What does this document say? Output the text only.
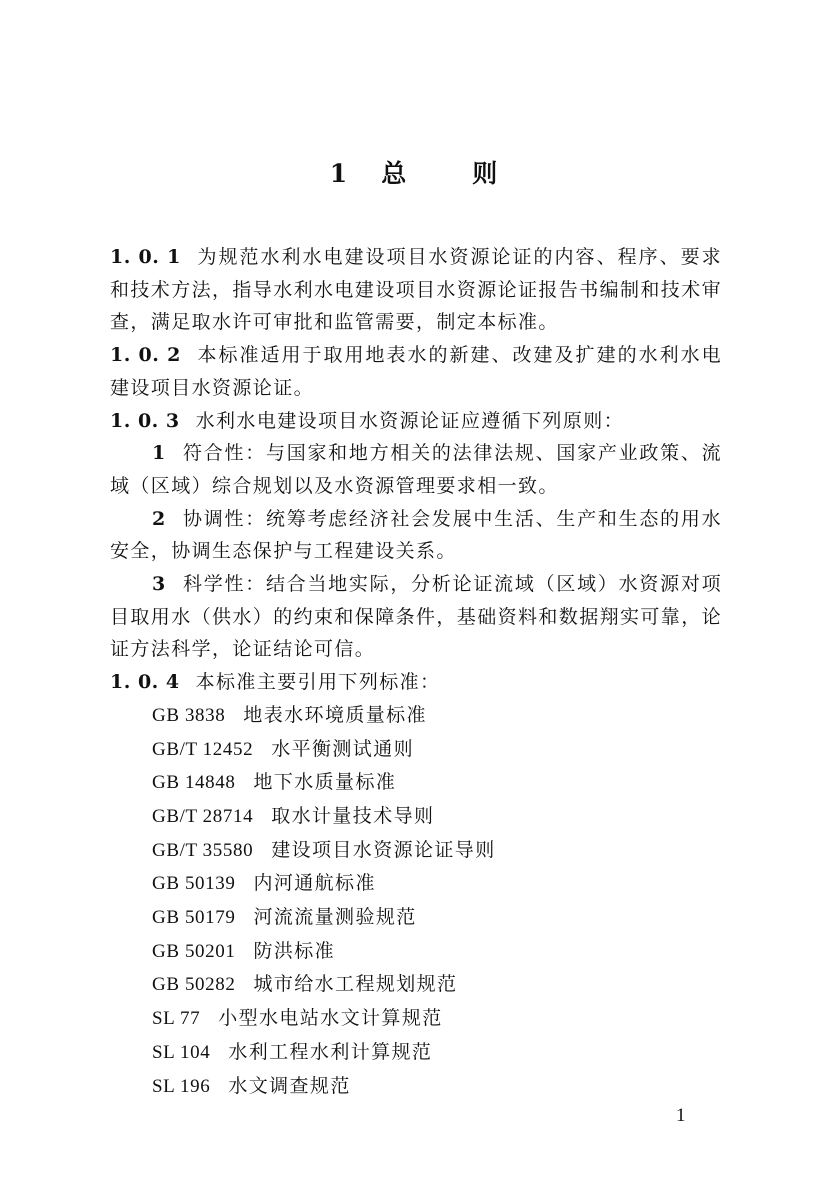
1 总	则

1. 0. 1 为规范水利水电建设项目水资源论证的内容、程序、要求和技术方法，指导水利水电建设项目水资源论证报告书编制和技术审查，满足取水许可审批和监管需要，制定本标准。

1. 0. 2 本标准适用于取用地表水的新建、改建及扩建的水利水电建设项目水资源论证。

1. 0. 3 水利水电建设项目水资源论证应遵循下列原则：

1 符合性：与国家和地方相关的法律法规、国家产业政策、流域（区域）综合规划以及水资源管理要求相一致。

2 协调性：统筹考虑经济社会发展中生活、生产和生态的用水安全，协调生态保护与工程建设关系。

3 科学性：结合当地实际，分析论证流域（区域）水资源对项目取用水（供水）的约束和保障条件，基础资料和数据翔实可靠，论证方法科学，论证结论可信。

1. 0. 4 本标准主要引用下列标准：

GB 3838 地表水环境质量标准
GB/T 12452 水平衡测试通则
GB 14848 地下水质量标准
GB/T 28714 取水计量技术导则
GB/T 35580 建设项目水资源论证导则
GB 50139 内河通航标准
GB 50179 河流流量测验规范
GB 50201 防洪标准
GB 50282 城市给水工程规划规范
SL 77 小型水电站水文计算规范
SL 104 水利工程水利计算规范
SL 196 水文调查规范
1
